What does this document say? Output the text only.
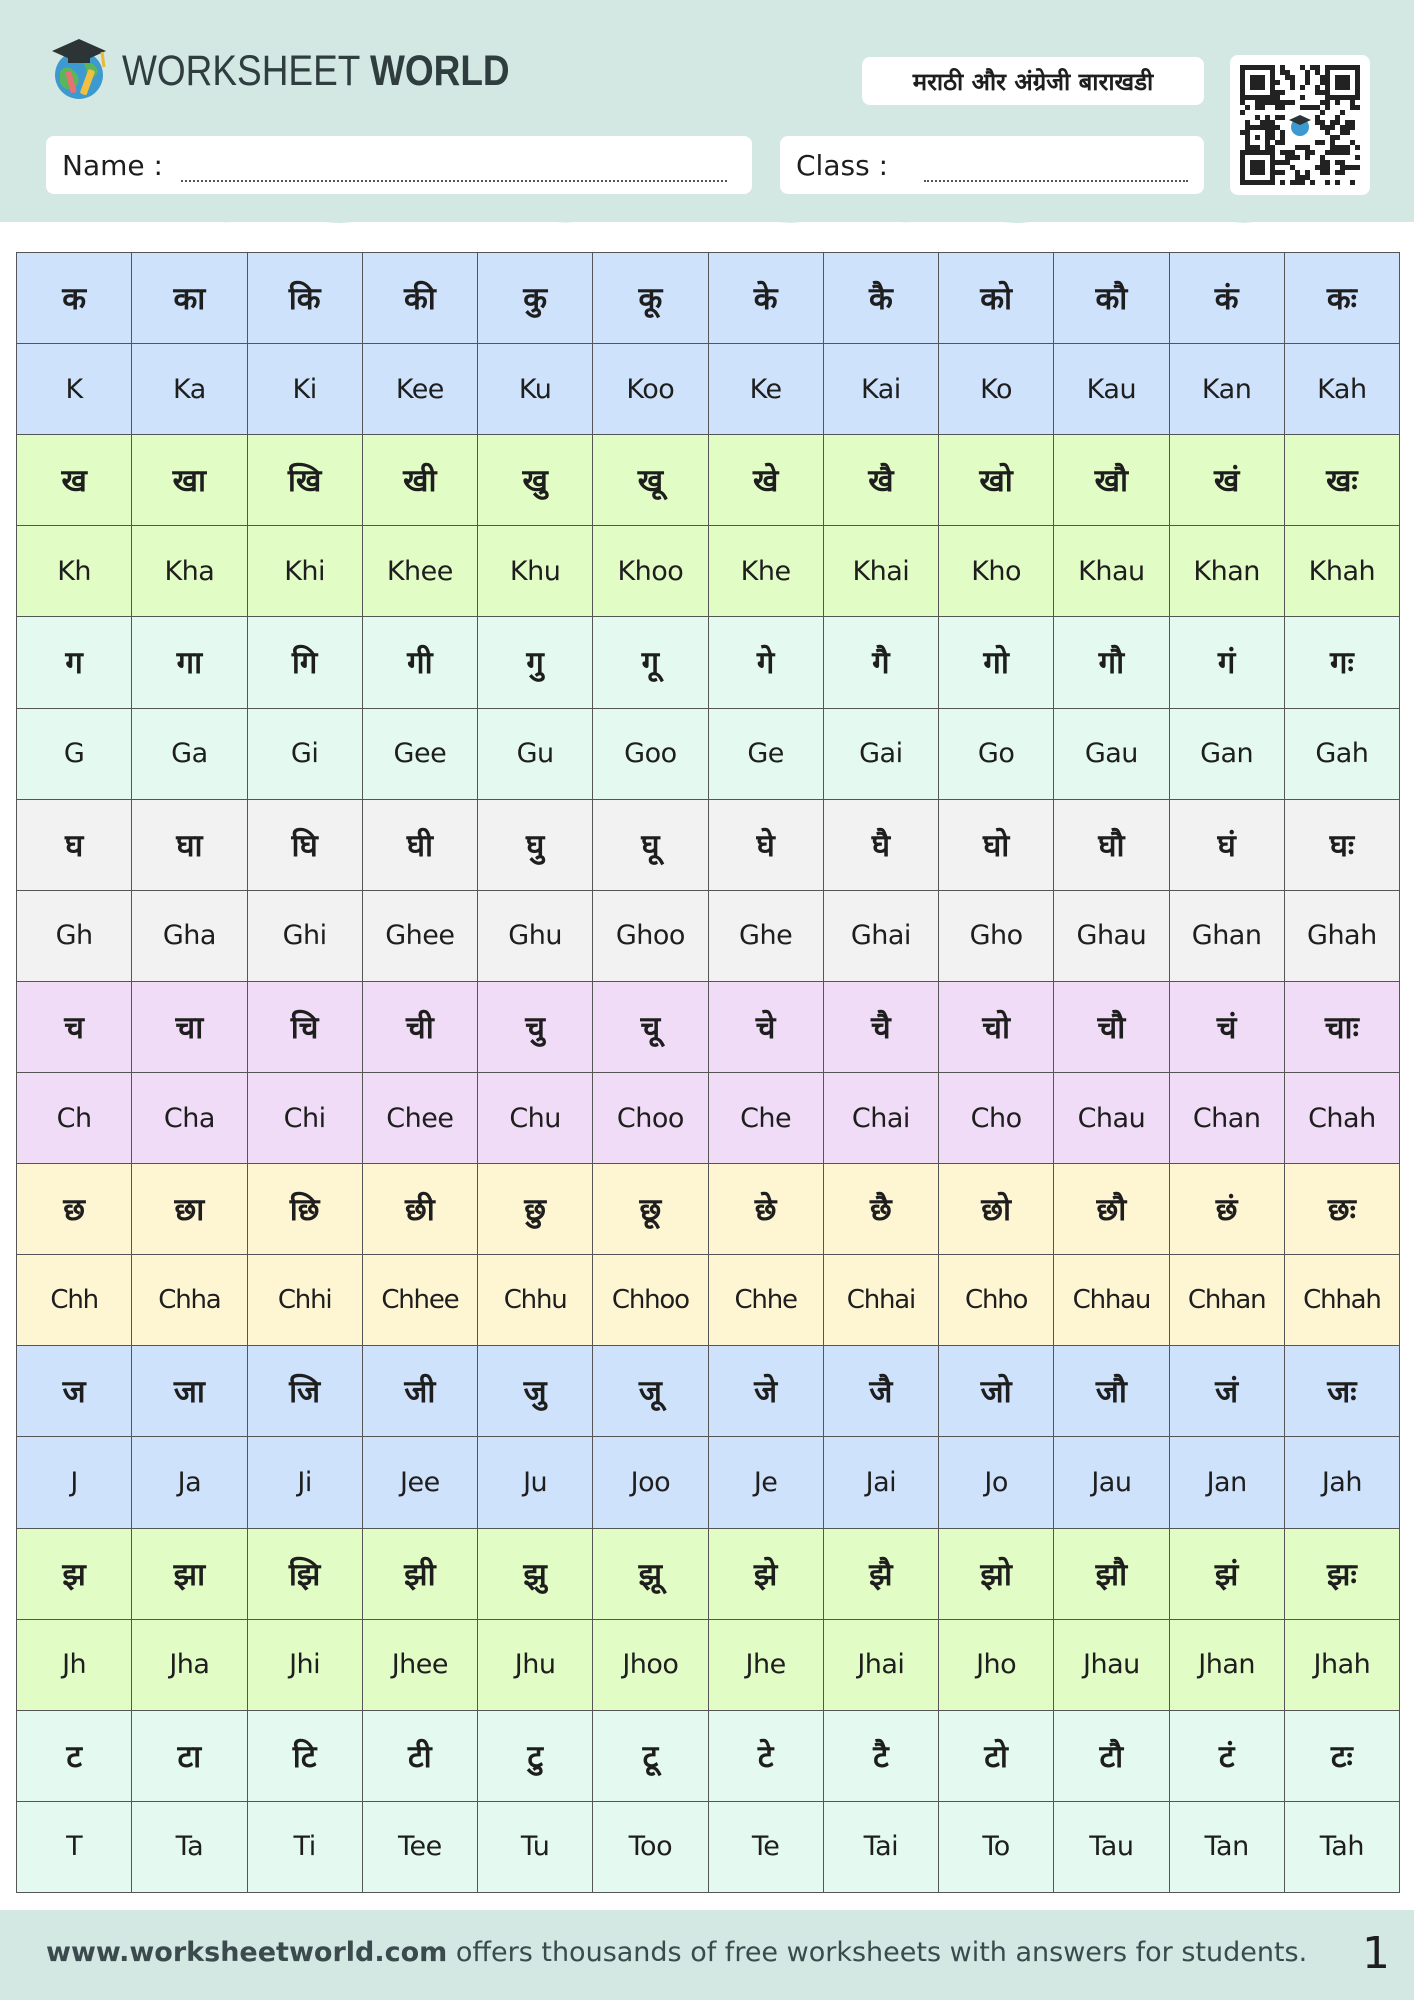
WORKSHEET WORLD	मराठी और अंग्रेजी बाराखडी
Name :	Class :
क	का	कि	की	कु	कू	के	कै	को	कौ	कं	कः
K	Ka	Ki	Kee	Ku	Koo	Ke	Kai	Ko	Kau	Kan	Kah
ख	खा	खि	खी	खु	खू	खे	खै	खो	खौ	खं	खः
Kh	Kha	Khi	Khee	Khu	Khoo	Khe	Khai	Kho	Khau	Khan	Khah
ग	गा	गि	गी	गु	गू	गे	गै	गो	गौ	गं	गः
G	Ga	Gi	Gee	Gu	Goo	Ge	Gai	Go	Gau	Gan	Gah
घ	घा	घि	घी	घु	घू	घे	घै	घो	घौ	घं	घः
Gh	Gha	Ghi	Ghee	Ghu	Ghoo	Ghe	Ghai	Gho	Ghau	Ghan	Ghah
च	चा	चि	ची	चु	चू	चे	चै	चो	चौ	चं	चाः
Ch	Cha	Chi	Chee	Chu	Choo	Che	Chai	Cho	Chau	Chan	Chah
छ	छा	छि	छी	छु	छू	छे	छै	छो	छौ	छं	छः
Chh	Chha	Chhi	Chhee	Chhu	Chhoo	Chhe	Chhai	Chho	Chhau	Chhan	Chhah
ज	जा	जि	जी	जु	जू	जे	जै	जो	जौ	जं	जः
J	Ja	Ji	Jee	Ju	Joo	Je	Jai	Jo	Jau	Jan	Jah
झ	झा	झि	झी	झु	झू	झे	झै	झो	झौ	झं	झः
Jh	Jha	Jhi	Jhee	Jhu	Jhoo	Jhe	Jhai	Jho	Jhau	Jhan	Jhah
ट	टा	टि	टी	टु	टू	टे	टै	टो	टौ	टं	टः
T	Ta	Ti	Tee	Tu	Too	Te	Tai	To	Tau	Tan	Tah
www.worksheetworld.com offers thousands of free worksheets with answers for students. 1
